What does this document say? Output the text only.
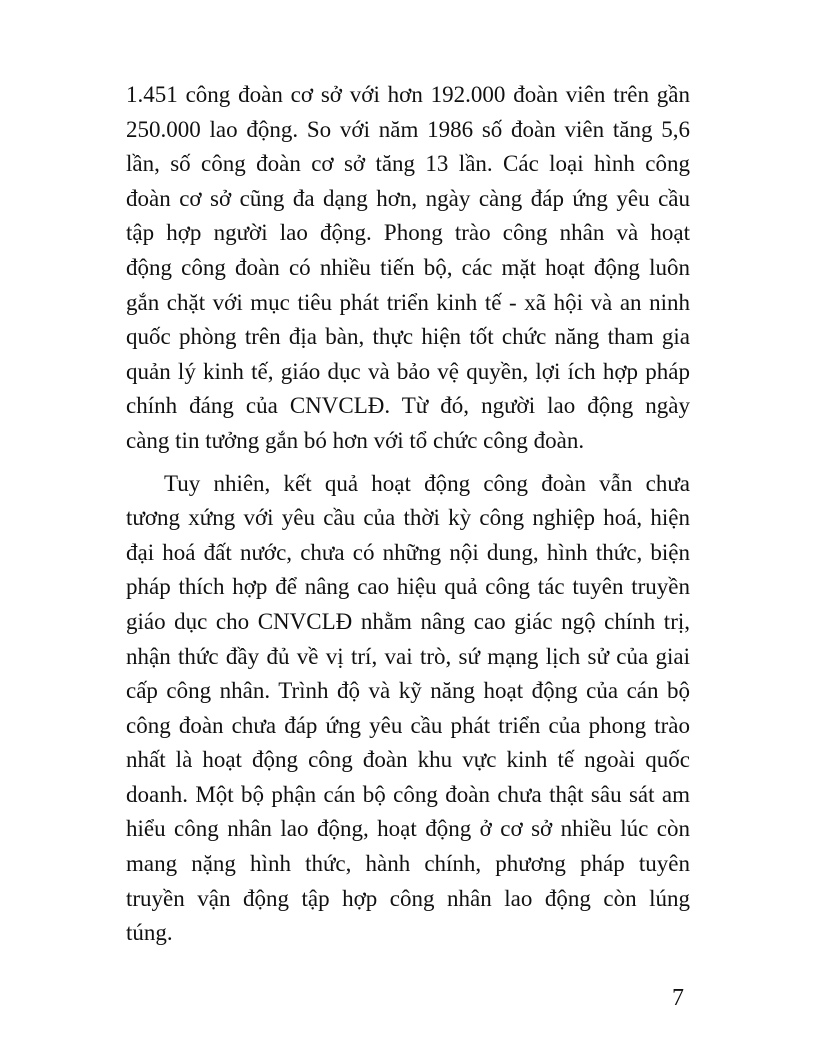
1.451 công đoàn cơ sở với hơn 192.000 đoàn viên trên gần
250.000 lao động. So với năm 1986 số đoàn viên tăng 5,6
lần, số công đoàn cơ sở tăng 13 lần. Các loại hình công
đoàn cơ sở cũng đa dạng hơn, ngày càng đáp ứng yêu cầu
tập hợp người lao động. Phong trào công nhân và hoạt
động công đoàn có nhiều tiến bộ, các mặt hoạt động luôn
gắn chặt với mục tiêu phát triển kinh tế - xã hội và an ninh
quốc phòng trên địa bàn, thực hiện tốt chức năng tham gia
quản lý kinh tế, giáo dục và bảo vệ quyền, lợi ích hợp pháp
chính đáng của CNVCLĐ. Từ đó, người lao động ngày
càng tin tưởng gắn bó hơn với tổ chức công đoàn.

Tuy nhiên, kết quả hoạt động công đoàn vẫn chưa
tương xứng với yêu cầu của thời kỳ công nghiệp hoá, hiện
đại hoá đất nước, chưa có những nội dung, hình thức, biện
pháp thích hợp để nâng cao hiệu quả công tác tuyên truyền
giáo dục cho CNVCLĐ nhằm nâng cao giác ngộ chính trị,
nhận thức đầy đủ về vị trí, vai trò, sứ mạng lịch sử của giai
cấp công nhân. Trình độ và kỹ năng hoạt động của cán bộ
công đoàn chưa đáp ứng yêu cầu phát triển của phong trào
nhất là hoạt động công đoàn khu vực kinh tế ngoài quốc
doanh. Một bộ phận cán bộ công đoàn chưa thật sâu sát am
hiểu công nhân lao động, hoạt động ở cơ sở nhiều lúc còn
mang nặng hình thức, hành chính, phương pháp tuyên
truyền vận động tập hợp công nhân lao động còn lúng
túng.

7
